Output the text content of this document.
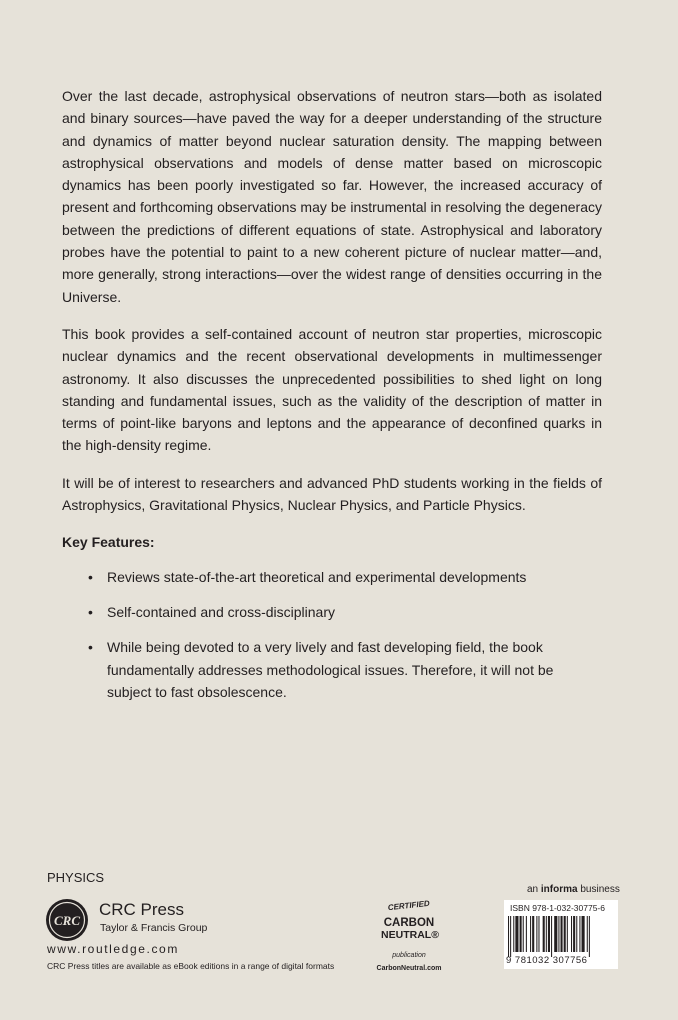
Over the last decade, astrophysical observations of neutron stars—both as isolated and binary sources—have paved the way for a deeper understanding of the structure and dynamics of matter beyond nuclear saturation density. The mapping between astrophysical observations and models of dense matter based on microscopic dynamics has been poorly investigated so far. However, the increased accuracy of present and forthcoming observations may be instrumental in resolving the degeneracy between the predictions of different equations of state. Astrophysical and laboratory probes have the potential to paint to a new coherent picture of nuclear matter—and, more generally, strong interactions—over the widest range of densities occurring in the Universe.

This book provides a self-contained account of neutron star properties, microscopic nuclear dynamics and the recent observational developments in multimessenger astronomy. It also discusses the unprecedented possibilities to shed light on long standing and fundamental issues, such as the validity of the description of matter in terms of point-like baryons and leptons and the appearance of deconfined quarks in the high-density regime.

It will be of interest to researchers and advanced PhD students working in the fields of Astrophysics, Gravitational Physics, Nuclear Physics, and Particle Physics.

Key Features:
• Reviews state-of-the-art theoretical and experimental developments
• Self-contained and cross-disciplinary
• While being devoted to a very lively and fast developing field, the book fundamentally addresses methodological issues. Therefore, it will not be subject to fast obsolescence.
PHYSICS
CRC
CRC Press
Taylor & Francis Group
www.routledge.com
CRC Press titles are available as eBook editions in a range of digital formats
CERTIFIED
CARBON
NEUTRAL®
publication
CarbonNeutral.com
an informa business
ISBN 978-1-032-30775-6
9 781032 307756
